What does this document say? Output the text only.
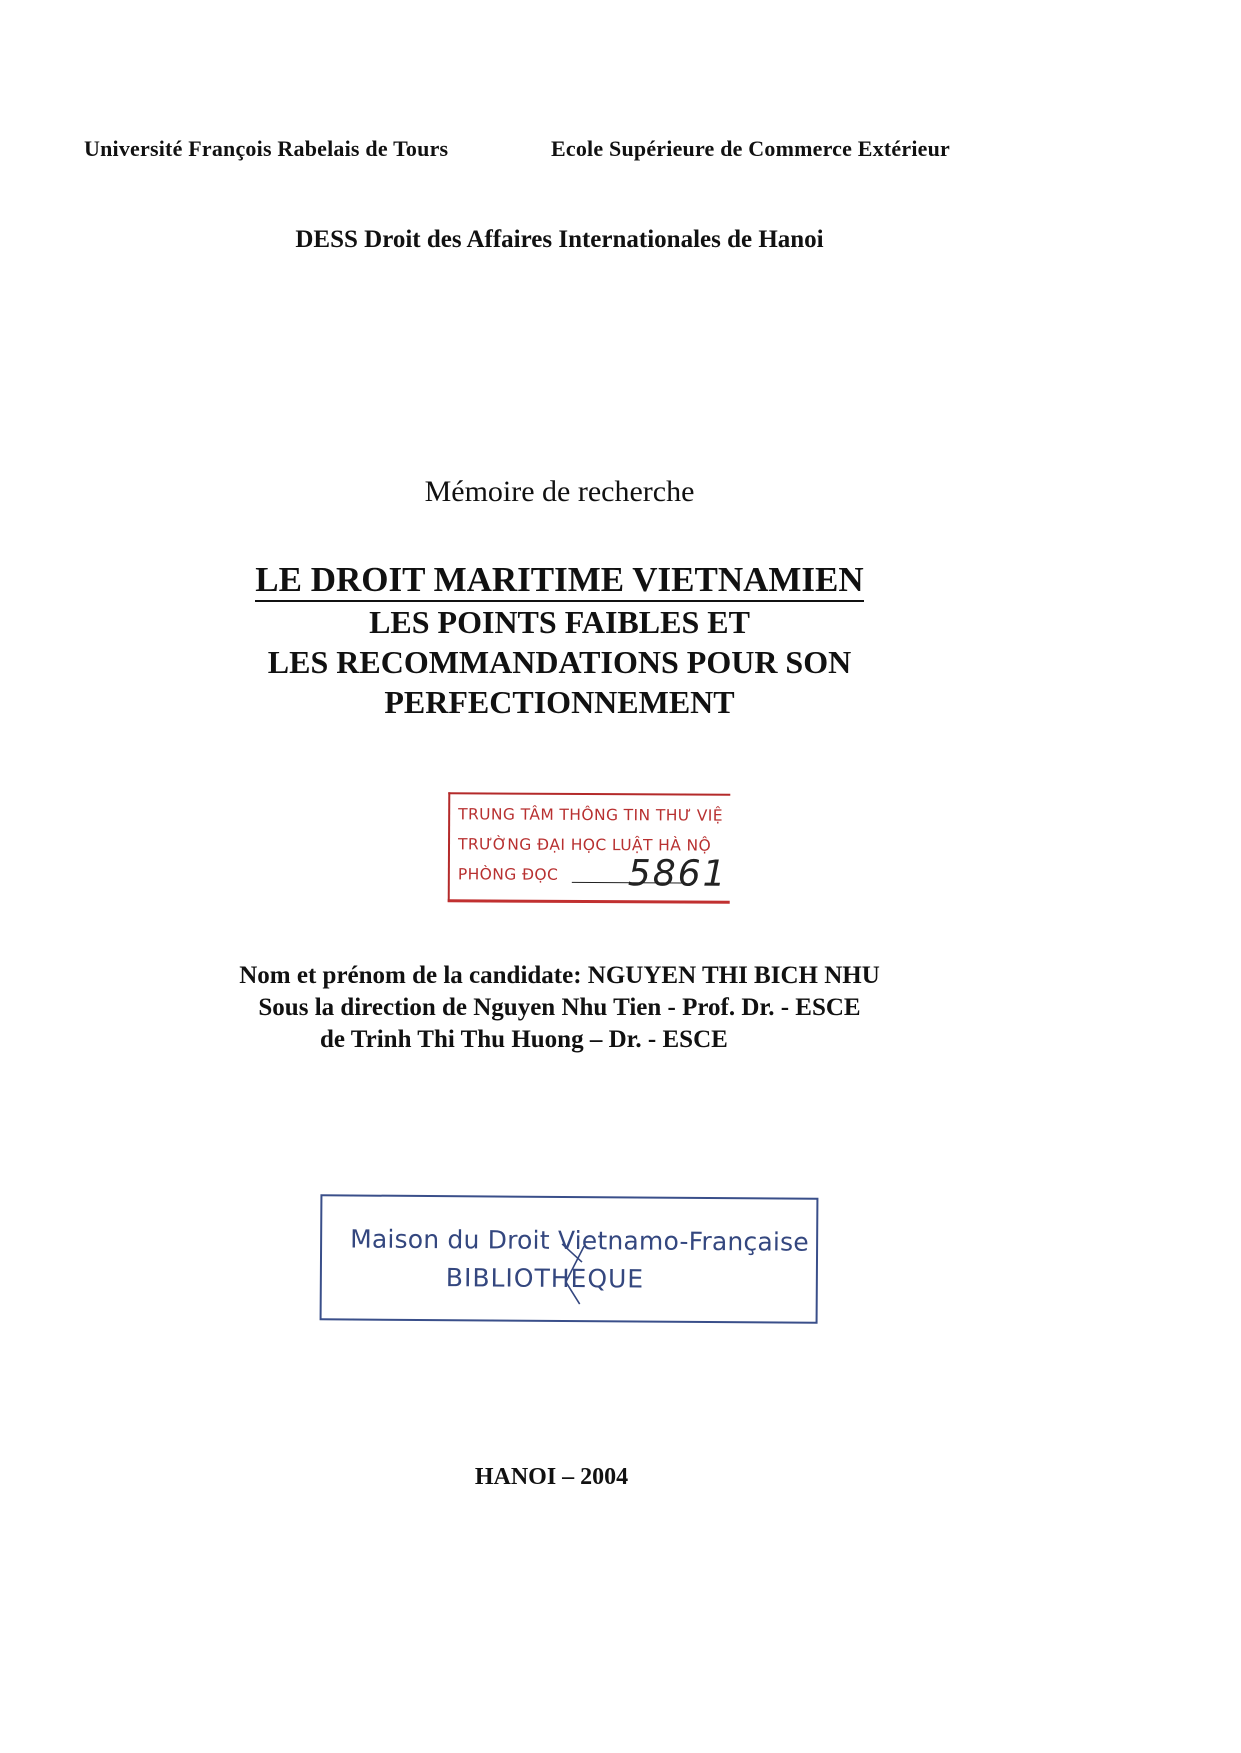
Université François Rabelais de Tours	Ecole Supérieure de Commerce Extérieur
DESS Droit des Affaires Internationales de Hanoi
Mémoire de recherche
LE DROIT MARITIME VIETNAMIEN
LES POINTS FAIBLES ET
LES RECOMMANDATIONS POUR SON
PERFECTIONNEMENT
TRUNG TÂM THÔNG TIN THƯ VIỆ
TRƯỜNG ĐẠI HỌC LUẬT HÀ NỘ
PHÒNG ĐỌC 5861
Nom et prénom de la candidate: NGUYEN THI BICH NHU
Sous la direction de Nguyen Nhu Tien - Prof. Dr. - ESCE
de Trinh Thi Thu Huong – Dr. - ESCE
Maison du Droit Vietnamo-Française
BIBLIOTHEQUE
HANOI – 2004
